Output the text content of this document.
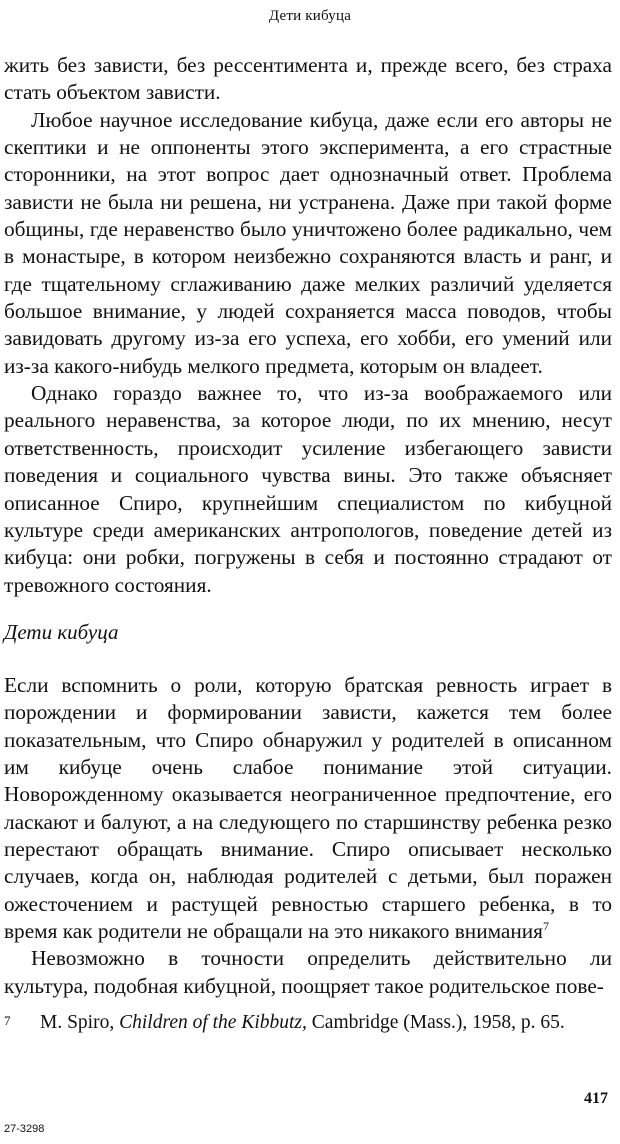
Дети кибуца

жить без зависти, без рессентимента и, прежде всего, без страха стать объектом зависти.

Любое научное исследование кибуца, даже если его авторы не скептики и не оппоненты этого эксперимента, а его страстные сторонники, на этот вопрос дает однозначный ответ. Проблема зависти не была ни решена, ни устранена. Даже при такой форме общины, где неравенство было уничтожено более радикально, чем в монастыре, в котором неизбежно сохраняются власть и ранг, и где тщательному сглаживанию даже мелких различий уделяется большое внимание, у людей сохраняется масса поводов, чтобы завидовать другому из-за его успеха, его хобби, его умений или из-за какого-нибудь мелкого предмета, которым он владеет.

Однако гораздо важнее то, что из-за воображаемого или реального неравенства, за которое люди, по их мнению, несут ответственность, происходит усиление избегающего зависти поведения и социального чувства вины. Это также объясняет описанное Спиро, крупнейшим специалистом по кибуцной культуре среди американских антропологов, поведение детей из кибуца: они робки, погружены в себя и постоянно страдают от тревожного состояния.

Дети кибуца

Если вспомнить о роли, которую братская ревность играет в порождении и формировании зависти, кажется тем более показательным, что Спиро обнаружил у родителей в описанном им кибуце очень слабое понимание этой ситуации. Новорожденному оказывается неограниченное предпочтение, его ласкают и балуют, а на следующего по старшинству ребенка резко перестают обращать внимание. Спиро описывает несколько случаев, когда он, наблюдая родителей с детьми, был поражен ожесточением и растущей ревностью старшего ребенка, в то время как родители не обращали на это никакого внимания$^7$

Невозможно в точности определить действительно ли культура, подобная кибуцной, поощряет такое родительское пове-

7 M. Spiro, Children of the Kibbutz, Cambridge (Mass.), 1958, p. 65.
417
27-3298
